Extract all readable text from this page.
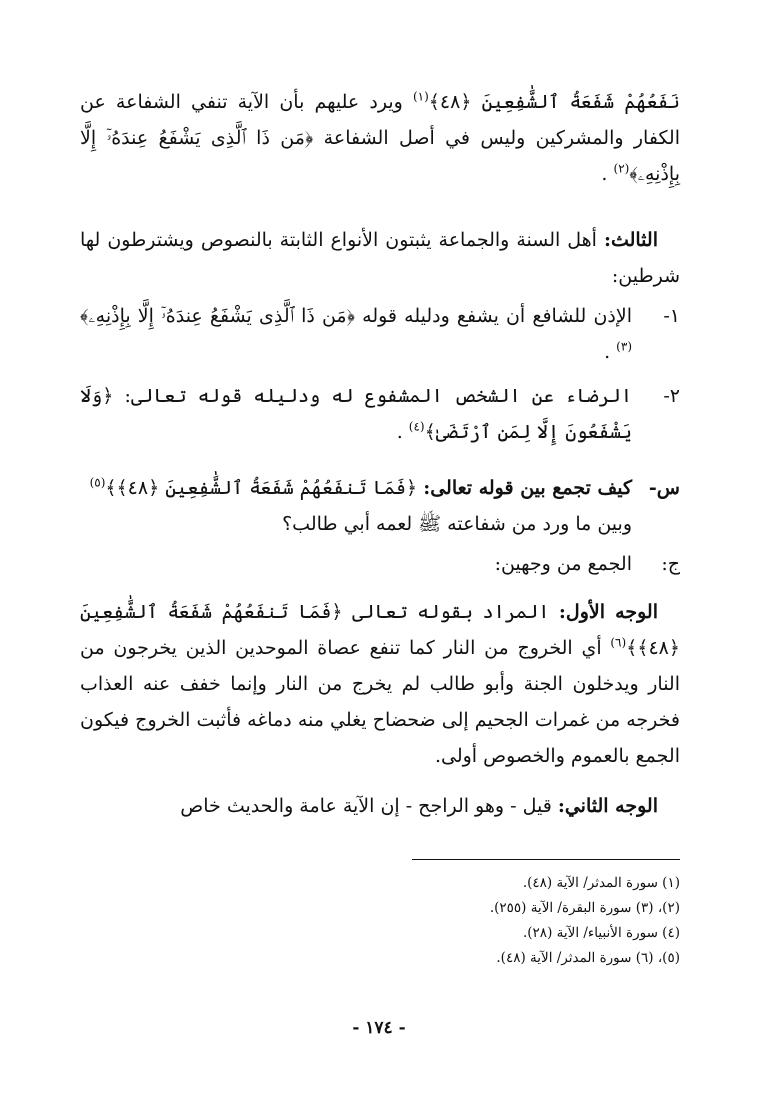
نَفَعُهُمْ شَفَعَةُ ٱلشَّٰفِعِينَ ﴿٤٨﴾$^{(١)}$ ويرد عليهم بأن الآية تنفي الشفاعة عن الكفار والمشركين وليس في أصل الشفاعة ﴿مَن ذَا ٱلَّذِى يَشْفَعُ عِندَهُۥٓ إِلَّا بِإِذْنِهِۦ﴾$^{(٢)}$ .
الثالث: أهل السنة والجماعة يثبتون الأنواع الثابتة بالنصوص ويشترطون لها شرطين:
١-
الإذن للشافع أن يشفع ودليله قوله ﴿مَن ذَا ٱلَّذِى يَشْفَعُ عِندَهُۥٓ إِلَّا بِإِذْنِهِۦ﴾$^{(٣)}$ .
٢-
الرضاء عن الشخص المشفوع له ودليله قوله تعالى: ﴿وَلَا يَشْفَعُونَ إِلَّا لِمَنِ ٱرْتَضَىٰ﴾$^{(٤)}$ .
س-
كيف تجمع بين قوله تعالى: ﴿فَمَا تَنفَعُهُمْ شَفَعَةُ ٱلشَّٰفِعِينَ ﴿٤٨﴾﴾$^{(٥)}$ وبين ما ورد من شفاعته ﷺ لعمه أبي طالب؟
ج:
الجمع من وجهين:
الوجه الأول: المراد بقوله تعالى ﴿فَمَا تَنفَعُهُمْ شَفَعَةُ ٱلشَّٰفِعِينَ ﴿٤٨﴾﴾$^{(٦)}$ أي الخروج من النار كما تنفع عصاة الموحدين الذين يخرجون من النار ويدخلون الجنة وأبو طالب لم يخرج من النار وإنما خفف عنه العذاب فخرجه من غمرات الجحيم إلى ضحضاح يغلي منه دماغه فأثبت الخروج فيكون الجمع بالعموم والخصوص أولى.
الوجه الثاني: قيل - وهو الراجح - إن الآية عامة والحديث خاص
(١) سورة المدثر/ الآية (٤٨).
(٢)، (٣) سورة البقرة/ الآية (٢٥٥).
(٤) سورة الأنبياء/ الآية (٢٨).
(٥)، (٦) سورة المدثر/ الآية (٤٨).
- ١٧٤ -
